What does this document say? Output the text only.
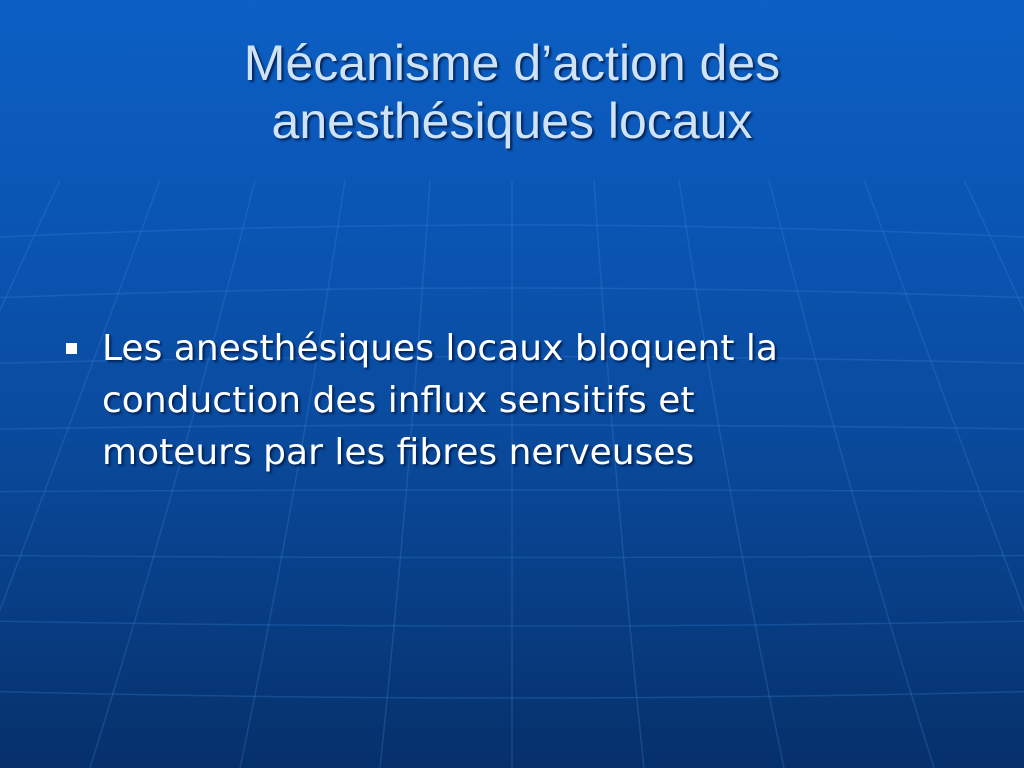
Mécanisme d’action des
anesthésiques locaux
Les anesthésiques locaux bloquent la
conduction des influx sensitifs et
moteurs par les fibres nerveuses
